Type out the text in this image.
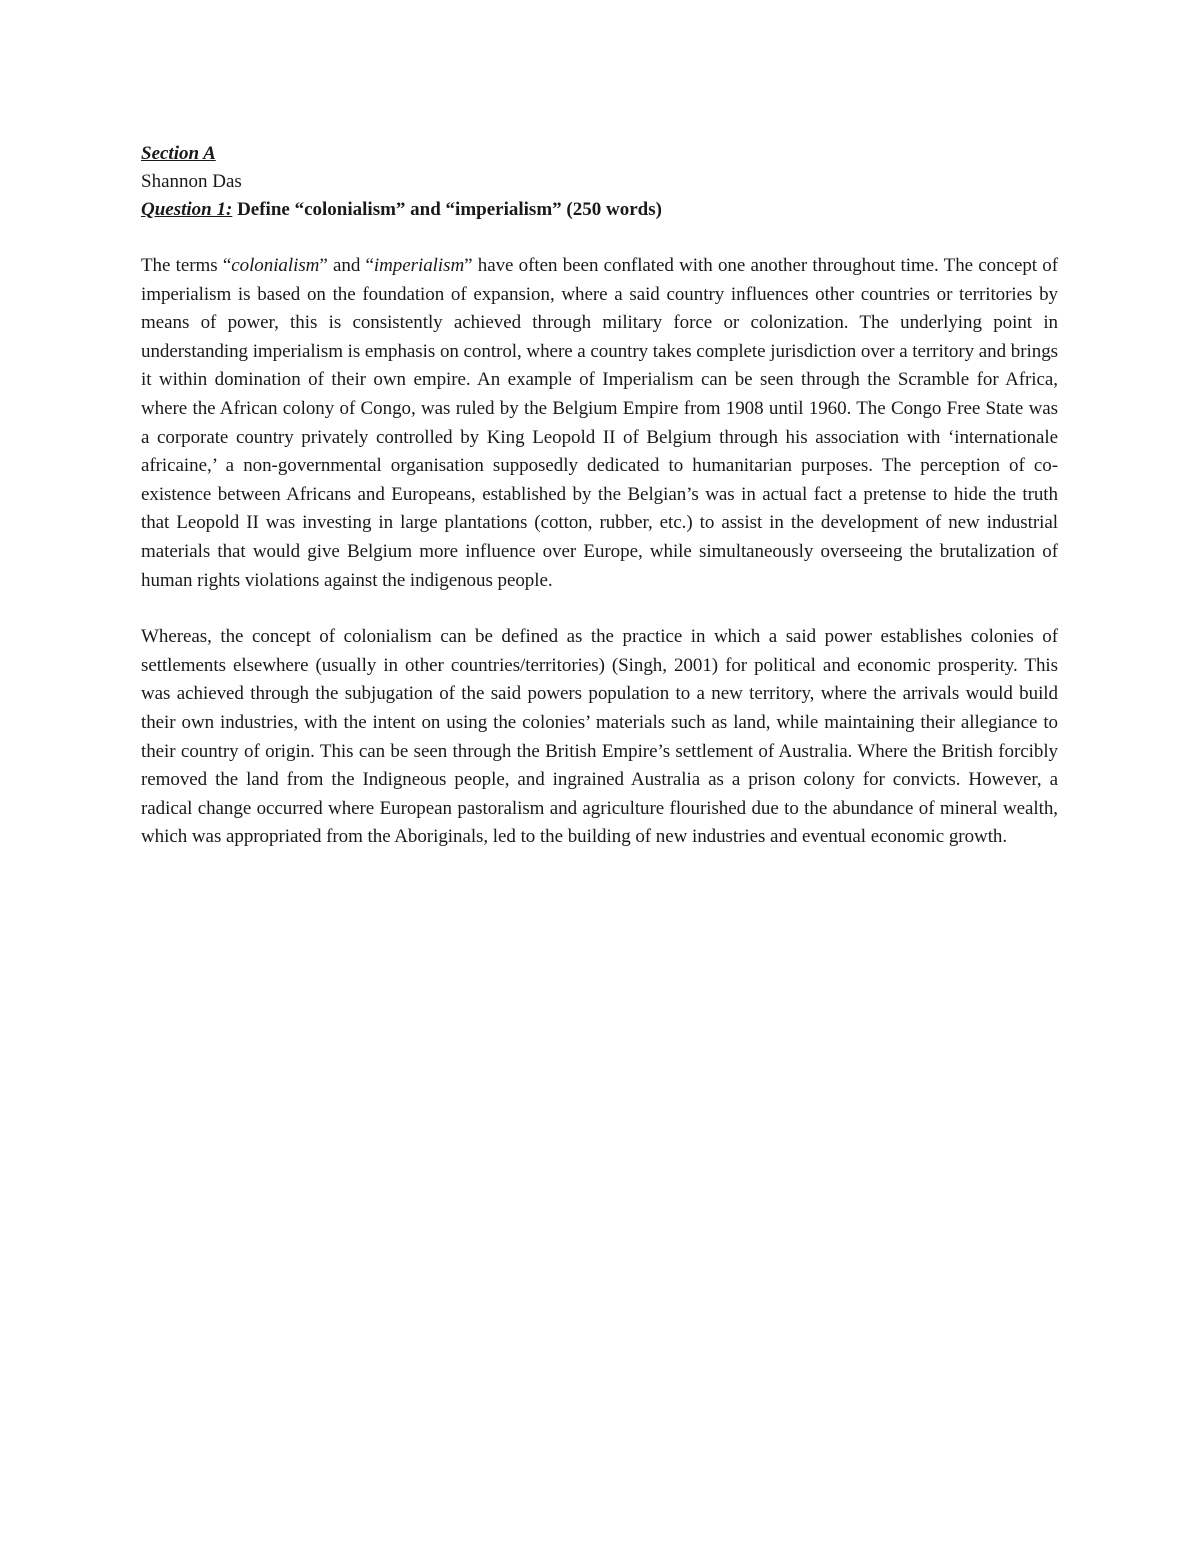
Section A

Shannon Das

Question 1: Define “colonialism” and “imperialism” (250 words)

The terms “colonialism” and “imperialism” have often been conflated with one another throughout time. The concept of imperialism is based on the foundation of expansion, where a said country influences other countries or territories by means of power, this is consistently achieved through military force or colonization. The underlying point in understanding imperialism is emphasis on control, where a country takes complete jurisdiction over a territory and brings it within domination of their own empire. An example of Imperialism can be seen through the Scramble for Africa, where the African colony of Congo, was ruled by the Belgium Empire from 1908 until 1960. The Congo Free State was a corporate country privately controlled by King Leopold II of Belgium through his association with ‘internationale africaine,’ a non-governmental organisation supposedly dedicated to humanitarian purposes. The perception of co-existence between Africans and Europeans, established by the Belgian’s was in actual fact a pretense to hide the truth that Leopold II was investing in large plantations (cotton, rubber, etc.) to assist in the development of new industrial materials that would give Belgium more influence over Europe, while simultaneously overseeing the brutalization of human rights violations against the indigenous people.

Whereas, the concept of colonialism can be defined as the practice in which a said power establishes colonies of settlements elsewhere (usually in other countries/territories) (Singh, 2001) for political and economic prosperity. This was achieved through the subjugation of the said powers population to a new territory, where the arrivals would build their own industries, with the intent on using the colonies’ materials such as land, while maintaining their allegiance to their country of origin. This can be seen through the British Empire’s settlement of Australia. Where the British forcibly removed the land from the Indigneous people, and ingrained Australia as a prison colony for convicts. However, a radical change occurred where European pastoralism and agriculture flourished due to the abundance of mineral wealth, which was appropriated from the Aboriginals, led to the building of new industries and eventual economic growth.
